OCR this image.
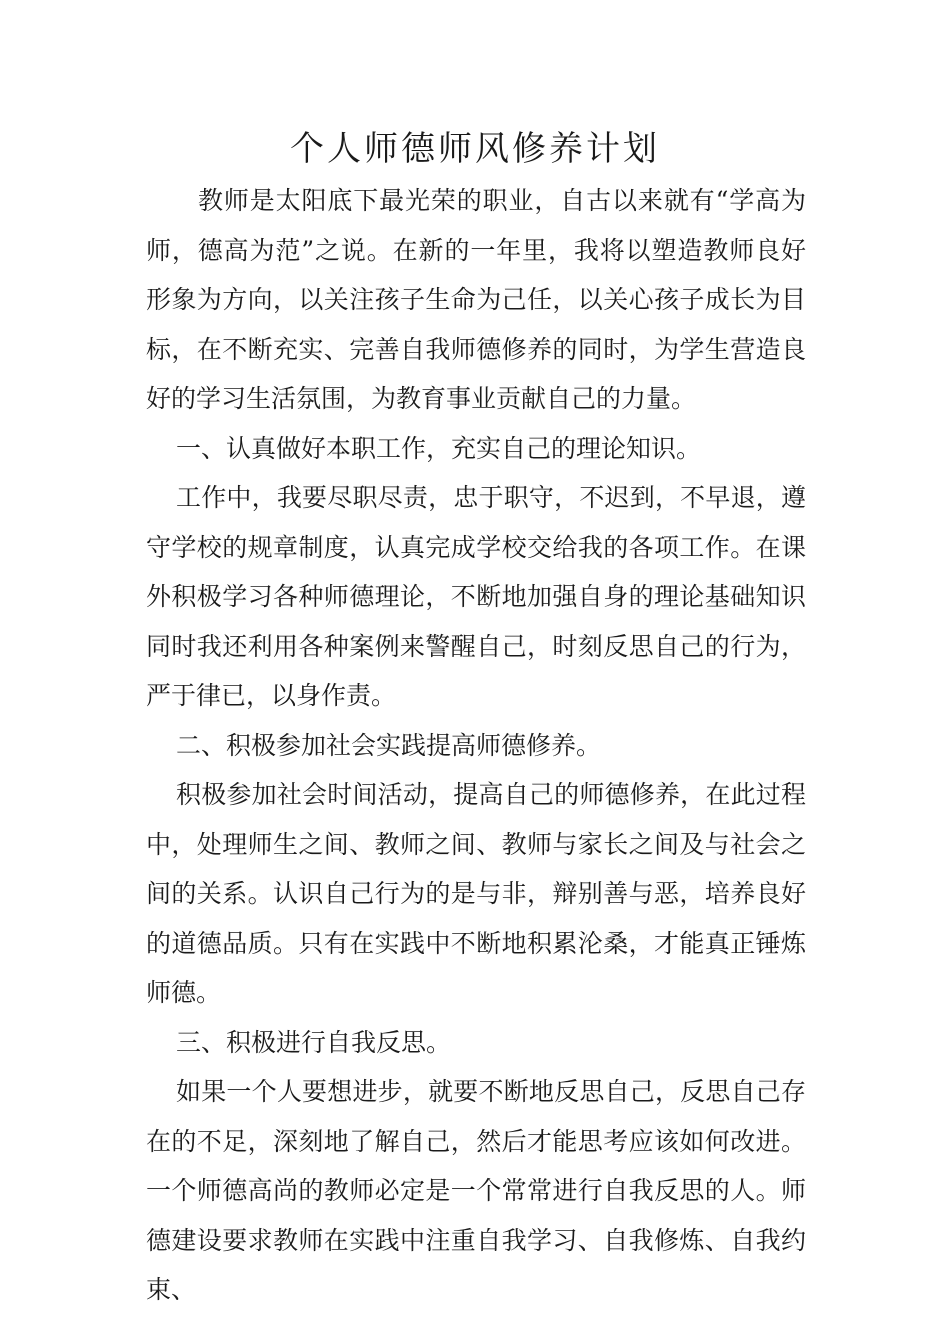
个人师德师风修养计划

教师是太阳底下最光荣的职业，自古以来就有“学高为师，德高为范”之说。在新的一年里，我将以塑造教师良好形象为方向，以关注孩子生命为己任，以关心孩子成长为目标，在不断充实、完善自我师德修养的同时，为学生营造良好的学习生活氛围，为教育事业贡献自己的力量。

一、认真做好本职工作，充实自己的理论知识。

工作中，我要尽职尽责，忠于职守，不迟到，不早退，遵守学校的规章制度，认真完成学校交给我的各项工作。在课外积极学习各种师德理论，不断地加强自身的理论基础知识同时我还利用各种案例来警醒自己，时刻反思自己的行为，严于律已，以身作责。

二、积极参加社会实践提高师德修养。

积极参加社会时间活动，提高自己的师德修养，在此过程中，处理师生之间、教师之间、教师与家长之间及与社会之间的关系。认识自己行为的是与非，辩别善与恶，培养良好的道德品质。只有在实践中不断地积累沦桑，才能真正锤炼师德。

三、积极进行自我反思。

如果一个人要想进步，就要不断地反思自己，反思自己存在的不足，深刻地了解自己，然后才能思考应该如何改进。一个师德高尚的教师必定是一个常常进行自我反思的人。师德建设要求教师在实践中注重自我学习、自我修炼、自我约束、
